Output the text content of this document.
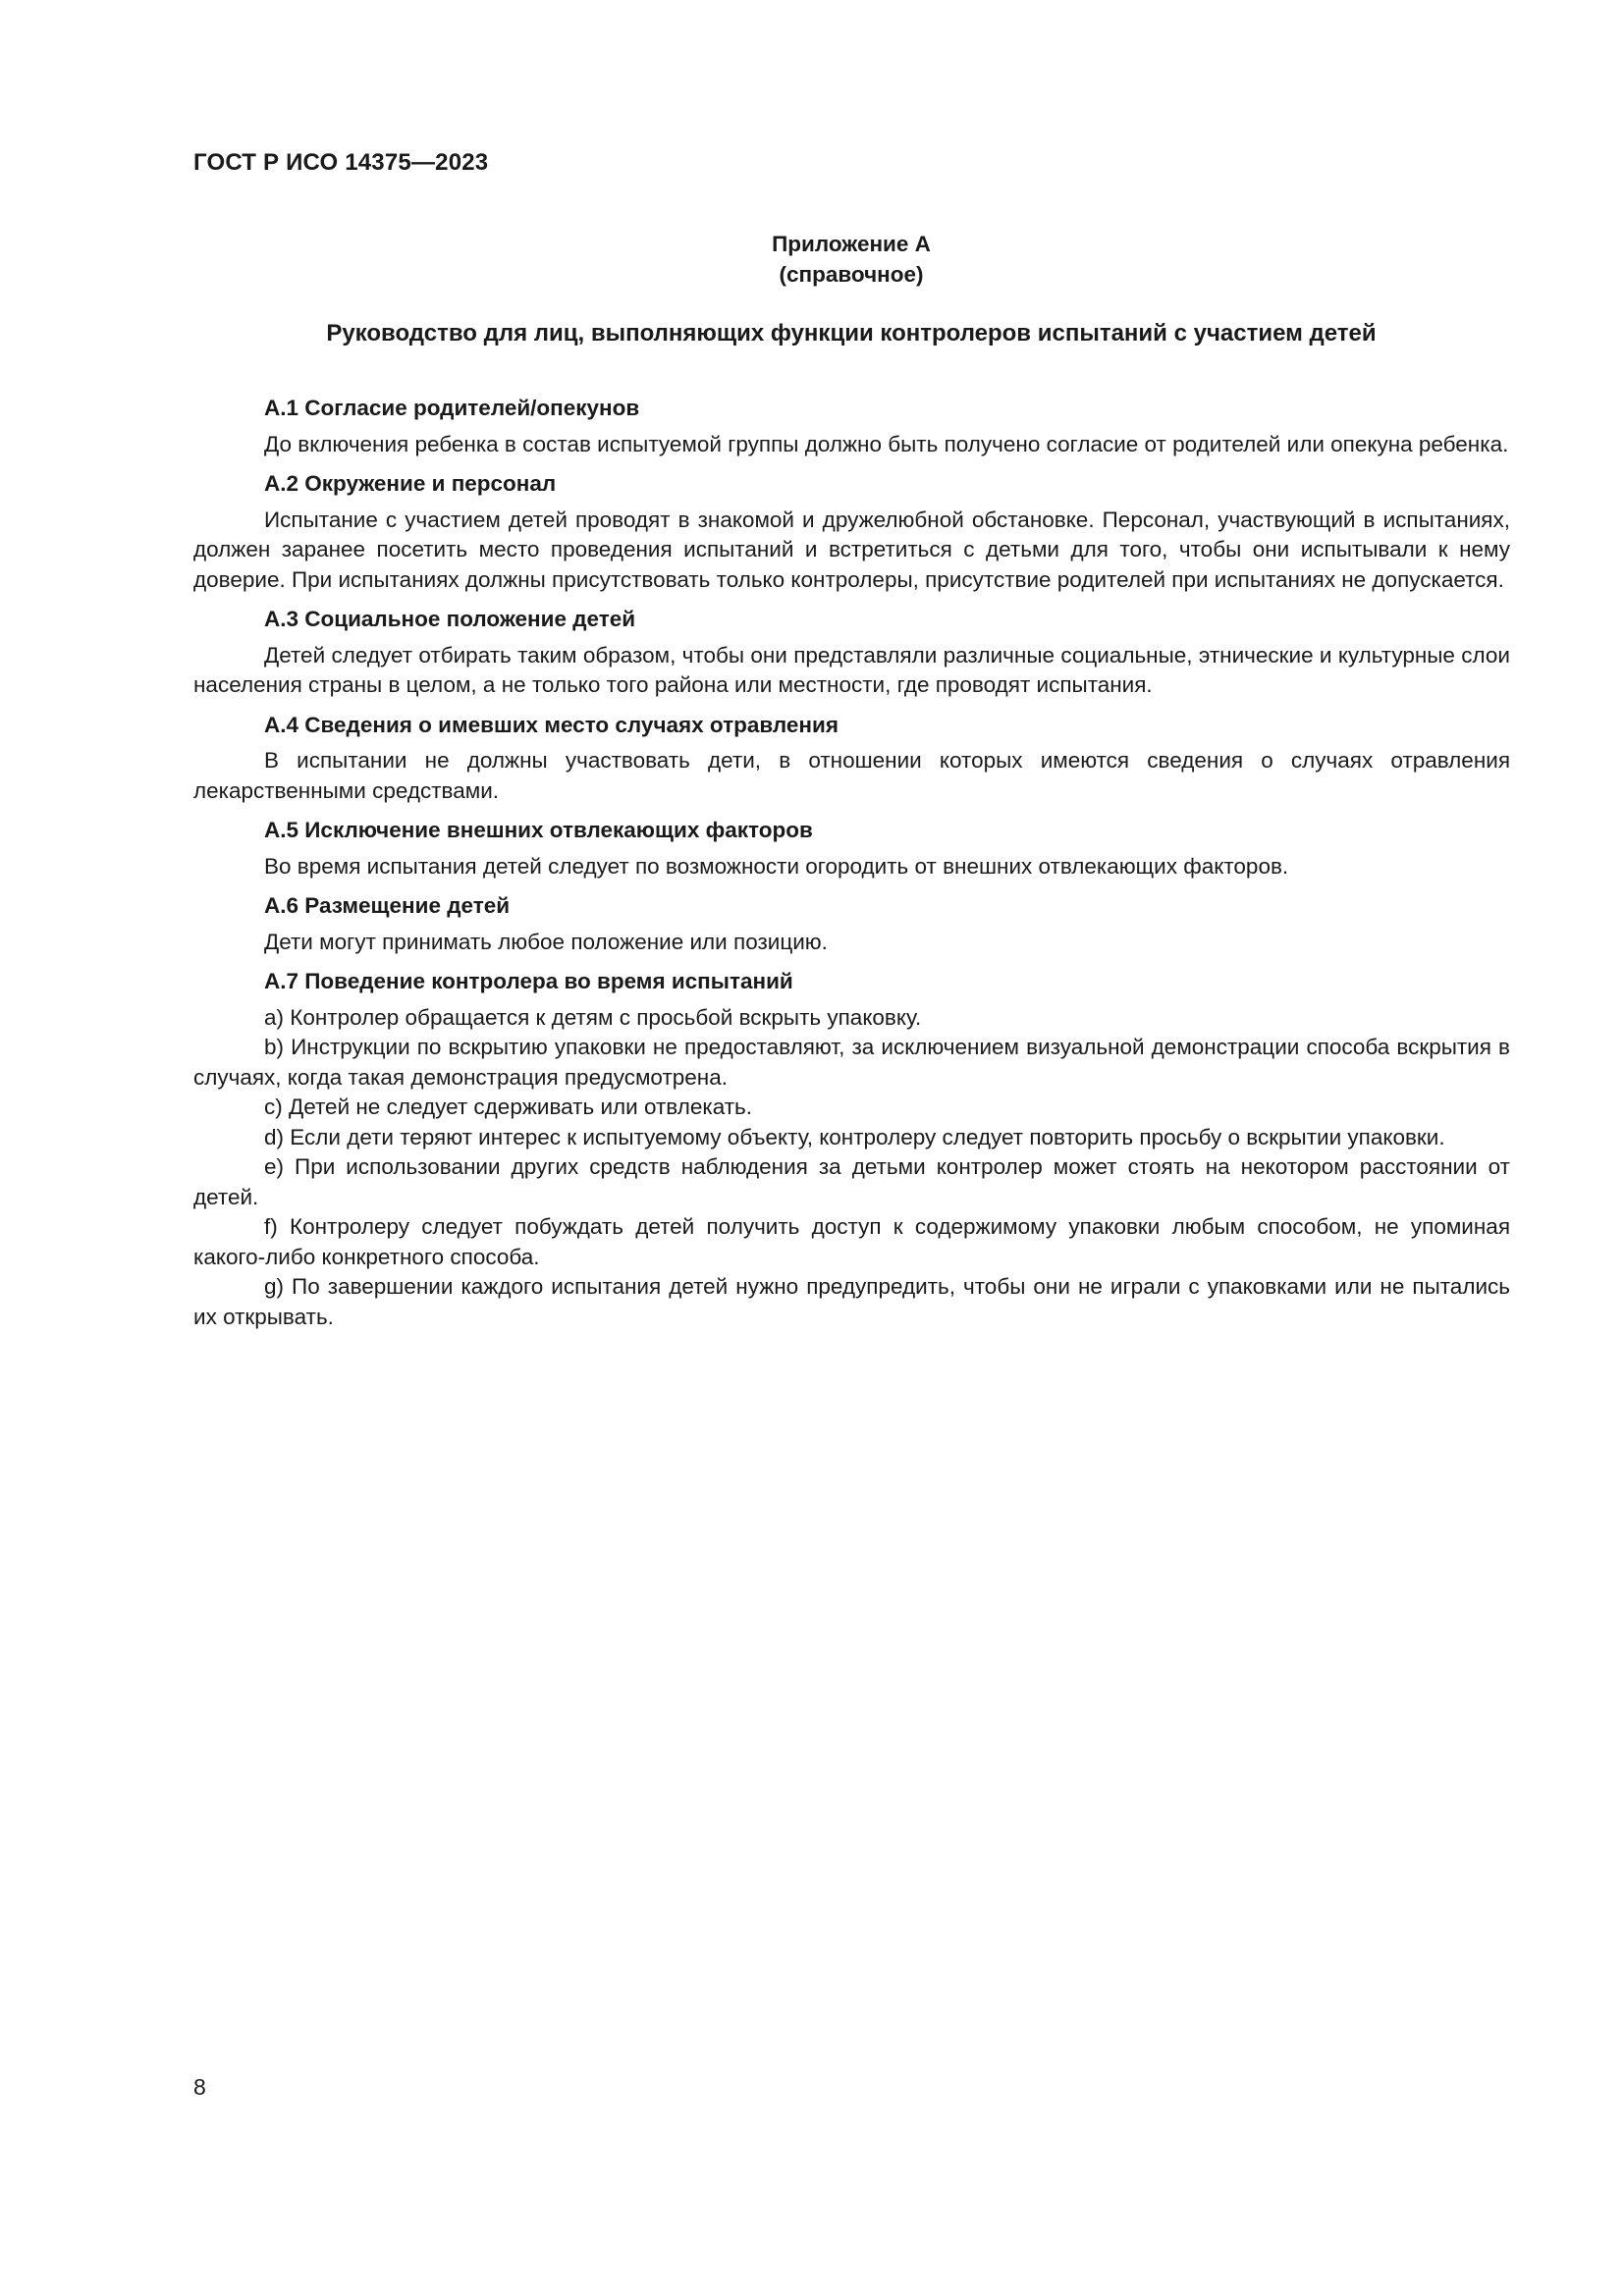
ГОСТ Р ИСО 14375—2023
Приложение А
(справочное)
Руководство для лиц, выполняющих функции контролеров испытаний с участием детей
А.1 Согласие родителей/опекунов

До включения ребенка в состав испытуемой группы должно быть получено согласие от родителей или опекуна ребенка.

А.2 Окружение и персонал

Испытание с участием детей проводят в знакомой и дружелюбной обстановке. Персонал, участвующий в испытаниях, должен заранее посетить место проведения испытаний и встретиться с детьми для того, чтобы они испытывали к нему доверие. При испытаниях должны присутствовать только контролеры, присутствие родителей при испытаниях не допускается.

А.3 Социальное положение детей

Детей следует отбирать таким образом, чтобы они представляли различные социальные, этнические и культурные слои населения страны в целом, а не только того района или местности, где проводят испытания.

А.4 Сведения о имевших место случаях отравления

В испытании не должны участвовать дети, в отношении которых имеются сведения о случаях отравления лекарственными средствами.

А.5 Исключение внешних отвлекающих факторов

Во время испытания детей следует по возможности огородить от внешних отвлекающих факторов.

А.6 Размещение детей

Дети могут принимать любое положение или позицию.

А.7 Поведение контролера во время испытаний

a) Контролер обращается к детям с просьбой вскрыть упаковку.

b) Инструкции по вскрытию упаковки не предоставляют, за исключением визуальной демонстрации способа вскрытия в случаях, когда такая демонстрация предусмотрена.

c) Детей не следует сдерживать или отвлекать.

d) Если дети теряют интерес к испытуемому объекту, контролеру следует повторить просьбу о вскрытии упаковки.

e) При использовании других средств наблюдения за детьми контролер может стоять на некотором расстоянии от детей.

f) Контролеру следует побуждать детей получить доступ к содержимому упаковки любым способом, не упоминая какого-либо конкретного способа.

g) По завершении каждого испытания детей нужно предупредить, чтобы они не играли с упаковками или не пытались их открывать.

8
